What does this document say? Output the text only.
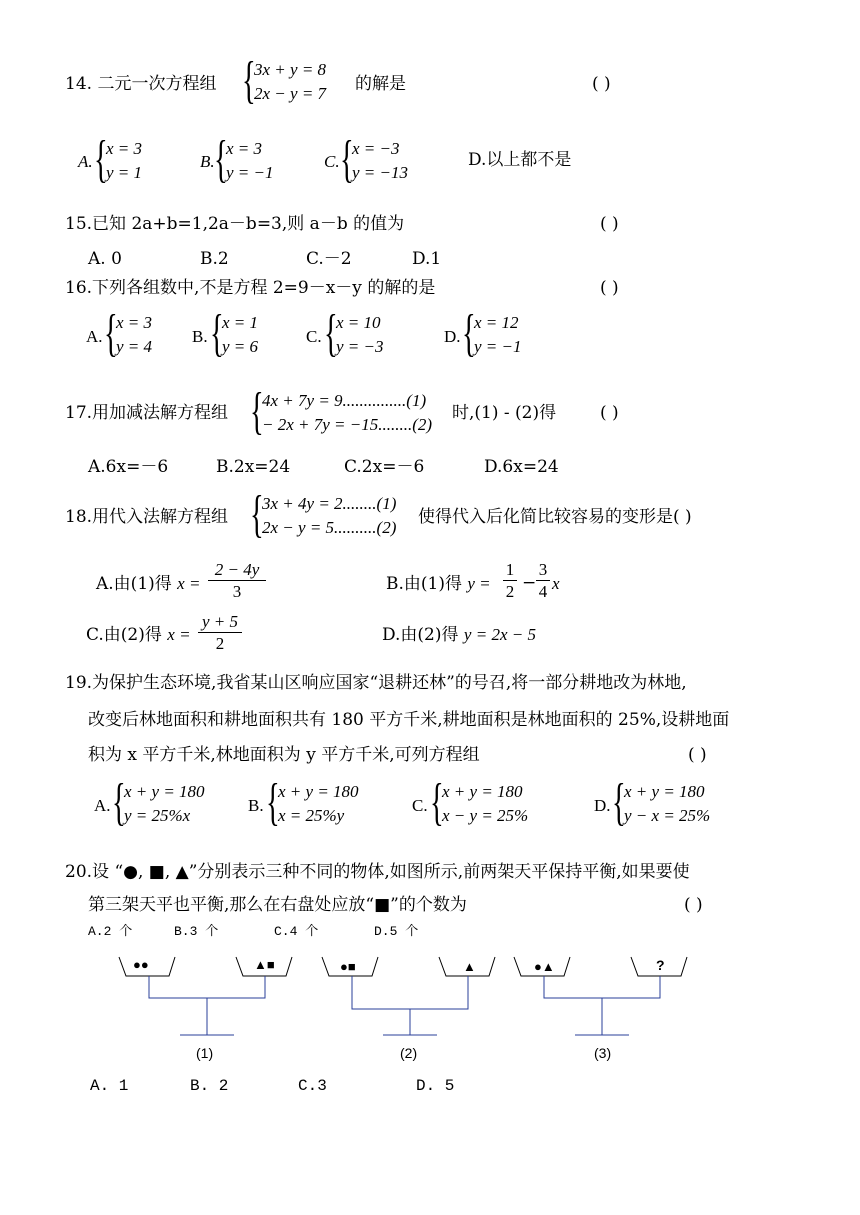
14. 二元一次方程组 {
3x + y = 8
2x − y = 7 的解是	( )
A. {
x = 3
y = 1
B. {
x = 3
y = −1
C. {
x = −3
y = −13
D.以上都不是
15.已知 2a+b=1,2a－b=3,则 a－b 的值为	( )
A. 0	B.2	C.－2	D.1
16.下列各组数中,不是方程 2=9－x－y 的解的是	( )
A. {
x = 3
y = 4
B. {
x = 1
y = 6
C. {
x = 10
y = −3
D. {
x = 12
y = −1
17.用加减法解方程组 {
4x + 7y = 9...............(1)
− 2x + 7y = −15........(2)
时,(1) - (2)得	( )
A.6x=－6	B.2x=24	C.2x=－6	D.6x=24
18.用代入法解方程组 {
3x + 4y = 2........(1)
2x − y = 5..........(2)
使得代入后化简比较容易的变形是( )
A.由(1)得 x =
2 − 4y
3	B.由(1)得 y =
1
2 −
3
4 x
C.由(2)得 x =
y + 5
2	D.由(2)得 y = 2x − 5
19.为保护生态环境,我省某山区响应国家“退耕还林”的号召,将一部分耕地改为林地,
改变后林地面积和耕地面积共有 180 平方千米,耕地面积是林地面积的 25%,设耕地面
积为 x 平方千米,林地面积为 y 平方千米,可列方程组	( )
A. {
x + y = 180
y = 25%x
B. {
x + y = 180
x = 25%y
C. {
x + y = 180
x − y = 25%
D. {
x + y = 180
y − x = 25%
20.设 “●, ■, ▲”分别表示三种不同的物体,如图所示,前两架天平保持平衡,如果要使
第三架天平也平衡,那么在右盘处应放“■”的个数为	( )
A.2 个	B.3 个	C.4 个	D.5 个
●●	▲■	●■	▲	●▲	?
(1)	(2)	(3)
A. 1	B. 2	C.3	D. 5
